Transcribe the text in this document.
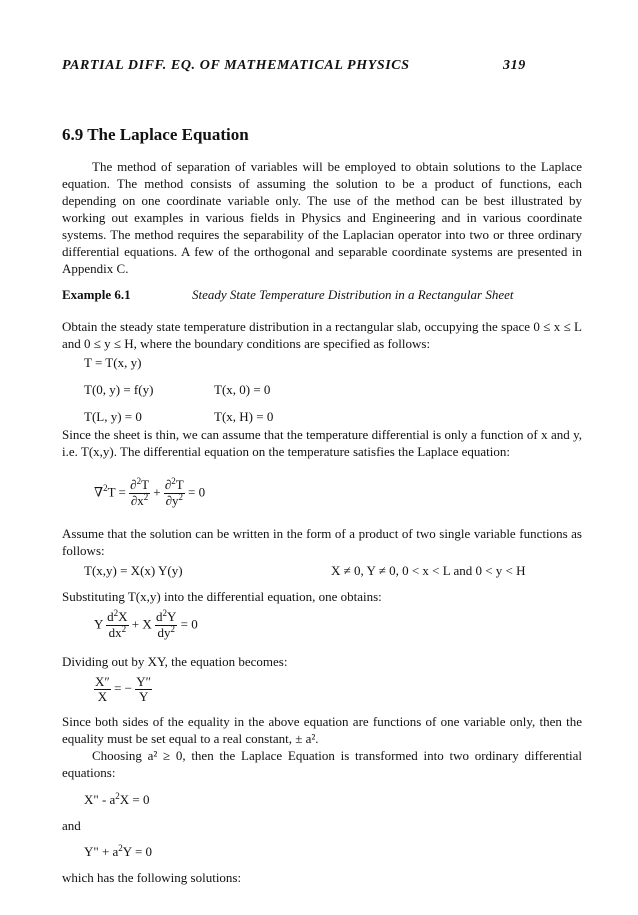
PARTIAL DIFF. EQ. OF MATHEMATICAL PHYSICS	319
6.9 The Laplace Equation
The method of separation of variables will be employed to obtain solutions to the Laplace equation. The method consists of assuming the solution to be a product of functions, each depending on one coordinate variable only. The use of the method can be best illustrated by working out examples in various fields in Physics and Engineering and in various coordinate systems. The method requires the separability of the Laplacian operator into two or three ordinary differential equations. A few of the orthogonal and separable coordinate systems are presented in Appendix C.
Example 6.1	Steady State Temperature Distribution in a Rectangular Sheet
Obtain the steady state temperature distribution in a rectangular slab, occupying the space 0 ≤ x ≤ L and 0 ≤ y ≤ H, where the boundary conditions are specified as follows:
T = T(x, y)
T(0, y) = f(y)	T(x, 0) = 0
T(L, y) = 0	T(x, H) = 0
Since the sheet is thin, we can assume that the temperature differential is only a function of x and y, i.e. T(x,y). The differential equation on the temperature satisfies the Laplace equation:
$\nabla^2T = \frac{\partial^2T}{\partial x^2} + \frac{\partial^2T}{\partial y^2} = 0$
Assume that the solution can be written in the form of a product of two single variable functions as follows:
T(x,y) = X(x) Y(y)	X ≠ 0, Y ≠ 0, 0 < x < L and 0 < y < H
Substituting T(x,y) into the differential equation, one obtains:
Y $\frac{d^2X}{dx^2} + X \frac{d^2Y}{dy^2} = 0$
Dividing out by XY, the equation becomes:
$\frac{X''}{X}$ = − $\frac{Y''}{Y}$
Since both sides of the equality in the above equation are functions of one variable only, then the equality must be set equal to a real constant, ± a².
Choosing a² ≥ 0, then the Laplace Equation is transformed into two ordinary differential equations:
X" - $a^2X = 0$
and
Y" + $a^2Y = 0$
which has the following solutions:
